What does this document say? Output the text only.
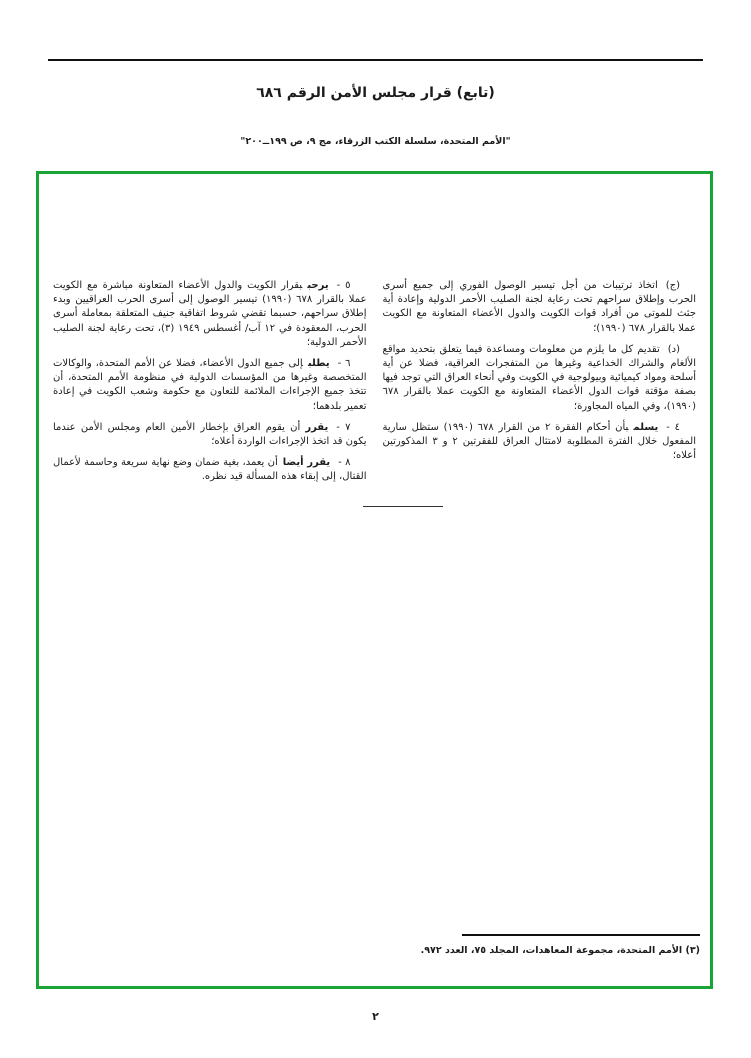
(تابع) قرار مجلس الأمن الرقم ٦٨٦
"الأمم المتحدة، سلسلة الكتب الزرقاء، مج ٩، ص ١٩٩ــ٢٠٠"

(ج)اتخاذ ترتيبات من أجل تيسير الوصول الفوري إلى جميع أسرى الحرب وإطلاق سراحهم تحت رعاية لجنة الصليب الأحمر الدولية وإعادة أية جثث للموتى من أفراد قوات الكويت والدول الأعضاء المتعاونة مع الكويت عملا بالقرار ٦٧٨ (١٩٩٠)؛

(د)تقديم كل ما يلزم من معلومات ومساعدة فيما يتعلق بتحديد مواقع الألغام والشراك الخداعية وغيرها من المتفجرات العراقية، فضلا عن أية أسلحة ومواد كيميائية وبيولوجية في الكويت وفي أنحاء العراق التي توجد فيها بصفة مؤقتة قوات الدول الأعضاء المتعاونة مع الكويت عملا بالقرار ٦٧٨ (١٩٩٠)، وفي المياه المجاورة؛

٤ -يسلمبأن أحكام الفقرة ٢ من القرار ٦٧٨ (١٩٩٠) ستظل سارية المفعول خلال الفترة المطلوبة لامتثال العراق للفقرتين ٢ و ٣ المذكورتين أعلاه؛

٥ -يرحببقرار الكويت والدول الأعضاء المتعاونة مباشرة مع الكويت عملا بالقرار ٦٧٨ (١٩٩٠) تيسير الوصول إلى أسرى الحرب العراقيين وبدء إطلاق سراحهم، حسبما تقضي شروط اتفاقية جنيف المتعلقة بمعاملة أسرى الحرب، المعقودة في ١٢ آب/ أغسطس ١٩٤٩ (٣)، تحت رعاية لجنة الصليب الأحمر الدولية؛

٦ -يطلبإلى جميع الدول الأعضاء، فضلا عن الأمم المتحدة، والوكالات المتخصصة وغيرها من المؤسسات الدولية في منظومة الأمم المتحدة، أن تتخذ جميع الإجراءات الملائمة للتعاون مع حكومة وشعب الكويت في إعادة تعمير بلدهما؛

٧ -يقررأن يقوم العراق بإخطار الأمين العام ومجلس الأمن عندما يكون قد اتخذ الإجراءات الواردة أعلاه؛

٨ -يقرر أيضاأن يعمد، بغية ضمان وضع نهاية سريعة وحاسمة لأعمال القتال، إلى إبقاء هذه المسألة قيد نظره.

(٣) الأمم المتحدة، مجموعة المعاهدات، المجلد ٧٥، العدد ٩٧٢.
٢
